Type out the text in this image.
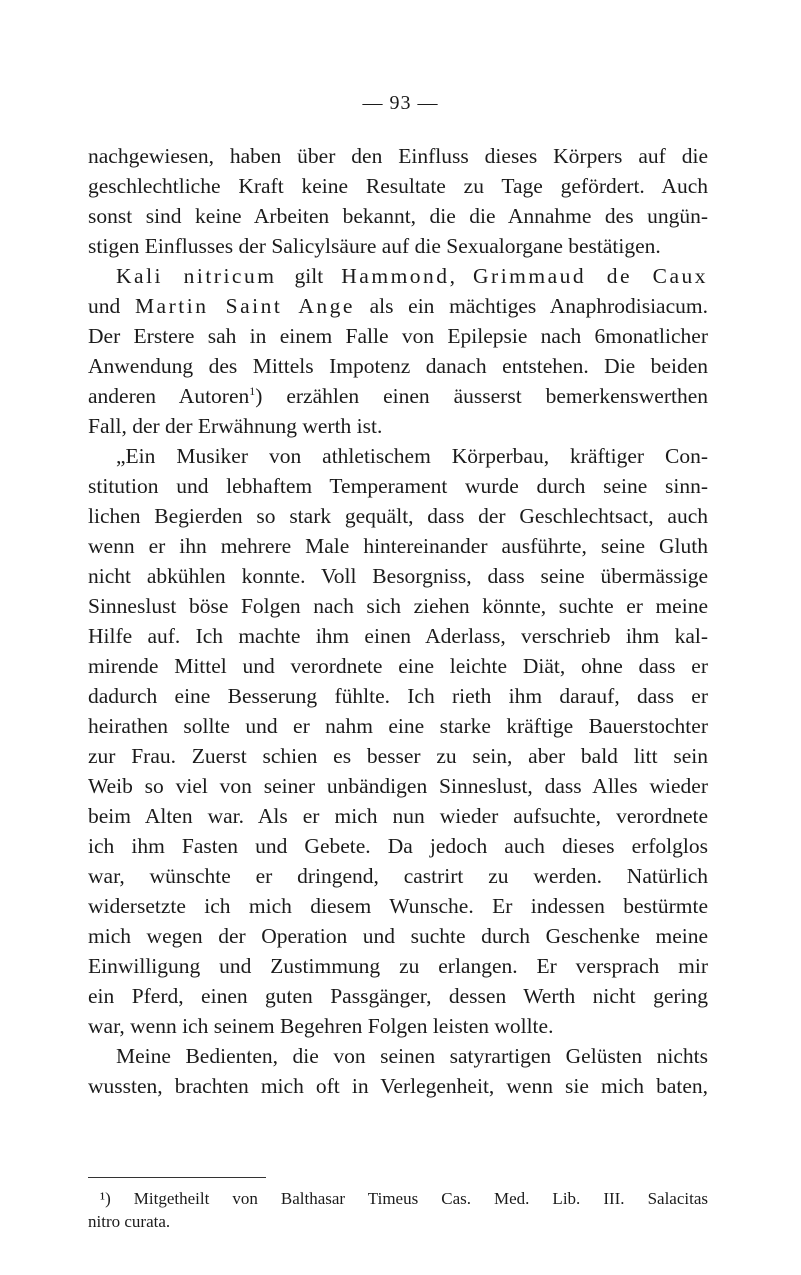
— 93 —
nachgewiesen, haben über den Einfluss dieses Körpers auf die
geschlechtliche Kraft keine Resultate zu Tage gefördert. Auch
sonst sind keine Arbeiten bekannt, die die Annahme des ungün-
stigen Einflusses der Salicylsäure auf die Sexualorgane bestätigen.
Kali nitricum gilt Hammond, Grimmaud de Caux
und Martin Saint Ange als ein mächtiges Anaphrodisiacum.
Der Erstere sah in einem Falle von Epilepsie nach 6monatlicher
Anwendung des Mittels Impotenz danach entstehen. Die beiden
anderen Autoren$^1$) erzählen einen äusserst bemerkenswerthen
Fall, der der Erwähnung werth ist.
„Ein Musiker von athletischem Körperbau, kräftiger Con-
stitution und lebhaftem Temperament wurde durch seine sinn-
lichen Begierden so stark gequält, dass der Geschlechtsact, auch
wenn er ihn mehrere Male hintereinander ausführte, seine Gluth
nicht abkühlen konnte. Voll Besorgniss, dass seine übermässige
Sinneslust böse Folgen nach sich ziehen könnte, suchte er meine
Hilfe auf. Ich machte ihm einen Aderlass, verschrieb ihm kal-
mirende Mittel und verordnete eine leichte Diät, ohne dass er
dadurch eine Besserung fühlte. Ich rieth ihm darauf, dass er
heirathen sollte und er nahm eine starke kräftige Bauerstochter
zur Frau. Zuerst schien es besser zu sein, aber bald litt sein
Weib so viel von seiner unbändigen Sinneslust, dass Alles wieder
beim Alten war. Als er mich nun wieder aufsuchte, verordnete
ich ihm Fasten und Gebete. Da jedoch auch dieses erfolglos
war, wünschte er dringend, castrirt zu werden. Natürlich
widersetzte ich mich diesem Wunsche. Er indessen bestürmte
mich wegen der Operation und suchte durch Geschenke meine
Einwilligung und Zustimmung zu erlangen. Er versprach mir
ein Pferd, einen guten Passgänger, dessen Werth nicht gering
war, wenn ich seinem Begehren Folgen leisten wollte.
Meine Bedienten, die von seinen satyrartigen Gelüsten nichts
wussten, brachten mich oft in Verlegenheit, wenn sie mich baten,
¹) Mitgetheilt von Balthasar Timeus Cas. Med. Lib. III. Salacitas
nitro curata.
